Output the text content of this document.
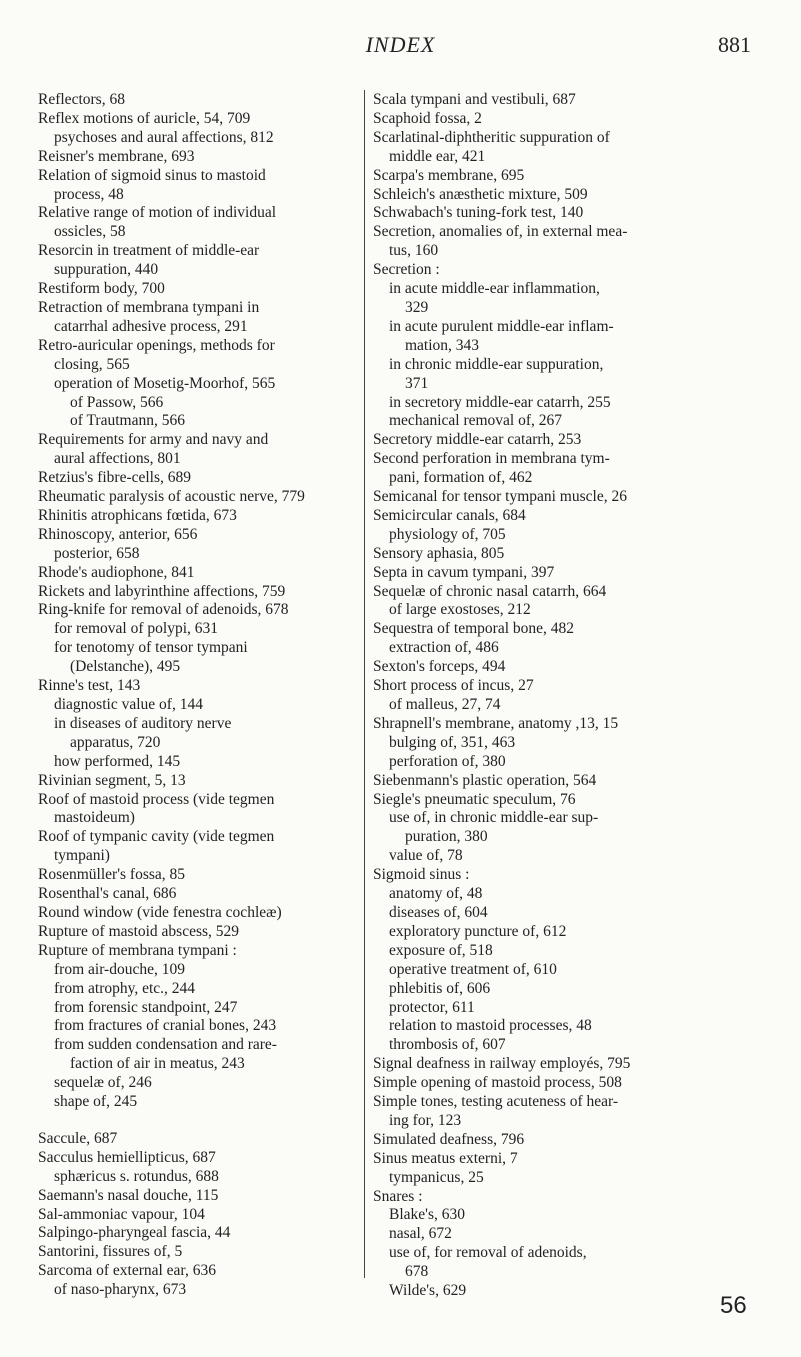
INDEX	881
Reflectors, 68
Reflex motions of auricle, 54, 709
psychoses and aural affections, 812
Reisner's membrane, 693
Relation of sigmoid sinus to mastoid
process, 48
Relative range of motion of individual
ossicles, 58
Resorcin in treatment of middle-ear
suppuration, 440
Restiform body, 700
Retraction of membrana tympani in
catarrhal adhesive process, 291
Retro-auricular openings, methods for
closing, 565
operation of Mosetig-Moorhof, 565
of Passow, 566
of Trautmann, 566
Requirements for army and navy and
aural affections, 801
Retzius's fibre-cells, 689
Rheumatic paralysis of acoustic nerve, 779
Rhinitis atrophicans fœtida, 673
Rhinoscopy, anterior, 656
posterior, 658
Rhode's audiophone, 841
Rickets and labyrinthine affections, 759
Ring-knife for removal of adenoids, 678
for removal of polypi, 631
for tenotomy of tensor tympani
(Delstanche), 495
Rinne's test, 143
diagnostic value of, 144
in diseases of auditory nerve
apparatus, 720
how performed, 145
Rivinian segment, 5, 13
Roof of mastoid process (vide tegmen
mastoideum)
Roof of tympanic cavity (vide tegmen
tympani)
Rosenmüller's fossa, 85
Rosenthal's canal, 686
Round window (vide fenestra cochleæ)
Rupture of mastoid abscess, 529
Rupture of membrana tympani :
from air-douche, 109
from atrophy, etc., 244
from forensic standpoint, 247
from fractures of cranial bones, 243
from sudden condensation and rare-
faction of air in meatus, 243
sequelæ of, 246
shape of, 245
Saccule, 687
Sacculus hemiellipticus, 687
sphæricus s. rotundus, 688
Saemann's nasal douche, 115
Sal-ammoniac vapour, 104
Salpingo-pharyngeal fascia, 44
Santorini, fissures of, 5
Sarcoma of external ear, 636
of naso-pharynx, 673
Scala tympani and vestibuli, 687
Scaphoid fossa, 2
Scarlatinal-diphtheritic suppuration of
middle ear, 421
Scarpa's membrane, 695
Schleich's anæsthetic mixture, 509
Schwabach's tuning-fork test, 140
Secretion, anomalies of, in external mea-
tus, 160
Secretion :
in acute middle-ear inflammation,
329
in acute purulent middle-ear inflam-
mation, 343
in chronic middle-ear suppuration,
371
in secretory middle-ear catarrh, 255
mechanical removal of, 267
Secretory middle-ear catarrh, 253
Second perforation in membrana tym-
pani, formation of, 462
Semicanal for tensor tympani muscle, 26
Semicircular canals, 684
physiology of, 705
Sensory aphasia, 805
Septa in cavum tympani, 397
Sequelæ of chronic nasal catarrh, 664
of large exostoses, 212
Sequestra of temporal bone, 482
extraction of, 486
Sexton's forceps, 494
Short process of incus, 27
of malleus, 27, 74
Shrapnell's membrane, anatomy ,13, 15
bulging of, 351, 463
perforation of, 380
Siebenmann's plastic operation, 564
Siegle's pneumatic speculum, 76
use of, in chronic middle-ear sup-
puration, 380
value of, 78
Sigmoid sinus :
anatomy of, 48
diseases of, 604
exploratory puncture of, 612
exposure of, 518
operative treatment of, 610
phlebitis of, 606
protector, 611
relation to mastoid processes, 48
thrombosis of, 607
Signal deafness in railway employés, 795
Simple opening of mastoid process, 508
Simple tones, testing acuteness of hear-
ing for, 123
Simulated deafness, 796
Sinus meatus externi, 7
tympanicus, 25
Snares :
Blake's, 630
nasal, 672
use of, for removal of adenoids,
678
Wilde's, 629
56
